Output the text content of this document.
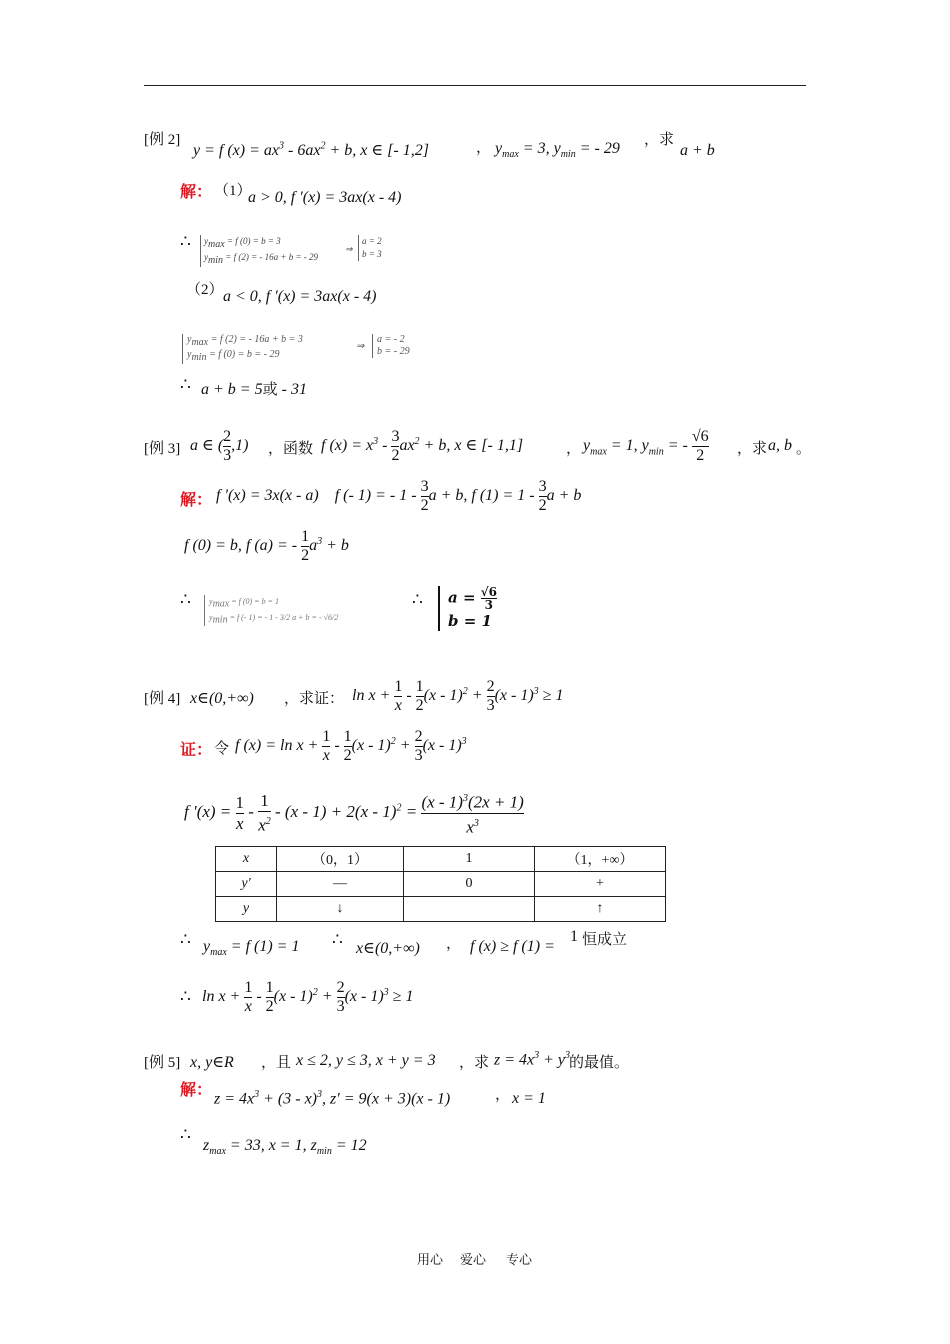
[例 2]
y = f $(x) = ax^3 - 6ax^2 + b$, x ∈ [- 1,2]	， $y_{max} = 3$, $y_{min}$ = - 29 ，求
a + b
解： （1）
a > 0, f ′(x) = 3ax(x - 4)
∴ $y_{max} = f$ (0) = b = 3
$y_{min} = f$ (2) = - 16a + b = - 29
⇒
a = 2
b = 3
（2） a < 0, f ′(x) = 3ax(x - 4)
$y_{max} = f$ (2) = - 16a + b = 3
$y_{min} = f$ (0) = b = - 29
⇒
a = - 2
b = - 29
∴ a + b = 5或 - 31
[例 3] a ∈ ( $\frac{2}{3} ,1$) ，函数 f $(x) = x^3 - \frac{3}{2} ax^2 + b$, x ∈ [- 1,1]	， $y_{max} = 1$, $y_{min}$ = - $\frac{√6}{2}$ ，求 a, b 。
解： f ′(x) = 3x(x - a)    f (- 1) = - $1 - \frac{3}{2}$ a + b, f $(1) = 1 - \frac{3}{2}$ a + b
f (0) = b, f (a) = - $\frac{1}{2} a^3 + b$
∴ $y_{max} = f$ (0) = b = 1
$y_{min} = f$ (- 1) = - 1 - 3/2 a + b = - √6/2
∴ $a = \frac{√6}{3}$
b = 1
[例 4] x∈(0,+∞) ，求证： $\ln x + \frac{1}{x} - \frac{1}{2} (x - 1)^2 + \frac{2}{3} (x - 1)^3 \ge 1$
证： 令 f $(x) = \ln x + \frac{1}{x} - \frac{1}{2} (x - 1)^2 + \frac{2}{3} (x - 1)^3$
f $'(x) = \frac{1}{x} - \frac{1}{x^2} - (x - 1) + 2(x - 1)^2 = \frac{(x - 1)^3(2x + 1)}{x^3}$
x	（0，1）	1	（1，+∞）
y′	—	0	+
y	↓		↑
∴ $y_{max} = f$ (1) = 1 ∴ x∈(0,+∞) ， f (x) ≥ f (1) =
1 恒成立
∴ $\ln x + \frac{1}{x} - \frac{1}{2} (x - 1)^2 + \frac{2}{3} (x - 1)^3 \ge 1$
[例 5] x, y∈R ，且 x ≤ 2, y ≤ 3, x + y = 3 ，求 $z = 4x^3 + y^3$
的最值。
解： $z = 4x^3 + (3 - x)^3$, z′ = 9(x + 3)(x - 1)	， x = 1
∴
$z_{max} = 33$, x = 1, $z_{min} = 12$
用心 爱心 专心
